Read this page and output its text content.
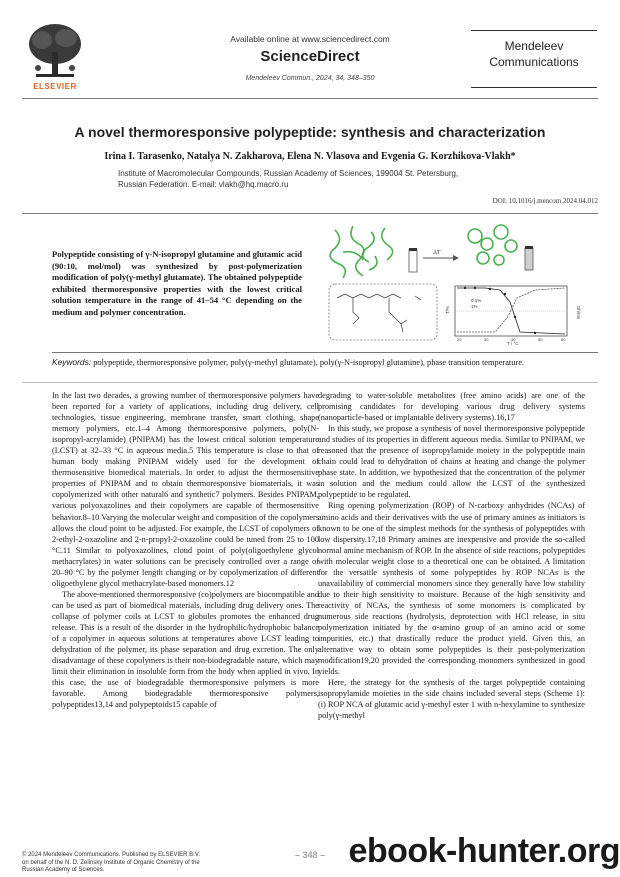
ELSEVIER
Available online at www.sciencedirect.com
ScienceDirect
Mendeleev Commun., 2024, 34, 348–350
Mendeleev
Communications
A novel thermoresponsive polypeptide: synthesis and characterization
Irina I. Tarasenko, Natalya N. Zakharova, Elena N. Vlasova and Evgenia G. Korzhikova-Vlakh*
Institute of Macromolecular Compounds, Russian Academy of Sciences, 199004 St. Petersburg,
Russian Federation. E-mail: vlakh@hq.macro.ru
DOI: 10.1016/j.mencom.2024.04.012
Polypeptide consisting of γ-N-isopropyl glutamine and glutamic acid (90:10, mol/mol) was synthesized by post-polymerization modification of poly(γ-methyl glutamate). The obtained polypeptide exhibited thermoresponsive properties with the lowest critical solution temperature in the range of 41–54 °C depending on the medium and polymer concentration.
ΔT
0.1%
1%
T/%	Dh/nm
T / °C
20	30	40	50	60
Keywords: polypeptide, thermoresponsive polymer, poly(γ-methyl glutamate), poly(γ-N-isopropyl glutamine), phase transition temperature.

In the last two decades, a growing number of thermoresponsive polymers have been reported for a variety of applications, including drug delivery, cell technologies, tissue engineering, membrane transfer, smart clothing, shape memory polymers, etc.1–4 Among thermoresponsive polymers, poly(N-isopropyl-acrylamide) (PNIPAM) has the lowest critical solution temperature (LCST) at 32–33 °C in aqueous media.5 This temperature is close to that of human body making PNIPAM widely used for the development of thermosensitive biomedical materials. In order to adjust the thermosensitive properties of PNIPAM and to obtain thermoresponsive biomaterials, it was copolymerized with other natural6 and synthetic7 polymers. Besides PNIPAM, various polyoxazolines and their copolymers are capable of thermosensitive behavior.8–10 Varying the molecular weight and composition of the copolymers allows the cloud point to be adjusted. For example, the LCST of copolymers of 2-ethyl-2-oxazoline and 2-n-propyl-2-oxazoline could be tuned from 25 to 100 °C.11 Similar to polyoxazolines, cloud point of poly(oligoethylene glycol methacrylates) in water solutions can be precisely controlled over a range of 20–90 °C by the polymer length changing or by copolymerization of different oligoethylene glycol methacrylate-based monomers.12

The above-mentioned thermoresponsive (co)polymers are biocompatible and can be used as part of biomedical materials, including drug delivery ones. The collapse of polymer coils at LCST to globules promotes the enhanced drug release. This is a result of the disorder in the hydrophilic/hydrophobic balance of a copolymer in aqueous solutions at temperatures above LCST leading to dehydration of the polymer, its phase separation and drug excretion. The only disadvantage of these copolymers is their non-biodegradable nature, which may limit their elimination in insoluble form from the body when applied in vivo. In this case, the use of biodegradable thermoresponsive polymers is more favorable. Among biodegradable thermoresponsive polymers, polypeptides13,14 and polypeptoids15 capable of

degrading to water-soluble metabolites (free amino acids) are one of the promising candidates for developing various drug delivery systems (nanoparticle-based or implantable delivery systems).16,17

In this study, we propose a synthesis of novel thermoresponsive polypeptide and studies of its properties in different aqueous media. Similar to PNIPAM, we reasoned that the presence of isopropylamide moiety in the polypeptide main chain could lead to dehydration of chains at heating and change the polymer phase state. In addition, we hypothesized that the concentration of the polymer in solution and the medium could allow the LCST of the synthesized polypeptide to be regulated.

Ring opening polymerization (ROP) of N-carboxy anhydrides (NCAs) of amino acids and their derivatives with the use of primary amines as initiators is known to be one of the simplest methods for the synthesis of polypeptides with low dispersity.17,18 Primary amines are inexpensive and provide the so-called normal amine mechanism of ROP. In the absence of side reactions, polypeptides with molecular weight close to a theoretical one can be obtained. A limitation for the versatile synthesis of some polypeptides by ROP NCAs is the unavailability of commercial monomers since they generally have low stability due to their high sensitivity to moisture. Because of the high sensitivity and reactivity of NCAs, the synthesis of some monomers is complicated by numerous side reactions (hydrolysis, deprotection with HCl release, in situ polymerization initiated by the α-amino group of an amino acid or some impurities, etc.) that drastically reduce the product yield. Given this, an alternative way to obtain some polypeptides is their post-polymerization modification19,20 provided the corresponding monomers synthesized in good yields.

Here, the strategy for the synthesis of the target polypeptide containing isopropylamide moieties in the side chains included several steps (Scheme 1): (i) ROP NCA of glutamic acid γ-methyl ester 1 with n-hexylamine to synthesize poly(γ-methyl

© 2024 Mendeleev Communications. Published by ELSEVIER B.V.
on behalf of the N. D. Zelinsky Institute of Organic Chemistry of the
Russian Academy of Sciences.	ebook-hunter.org
